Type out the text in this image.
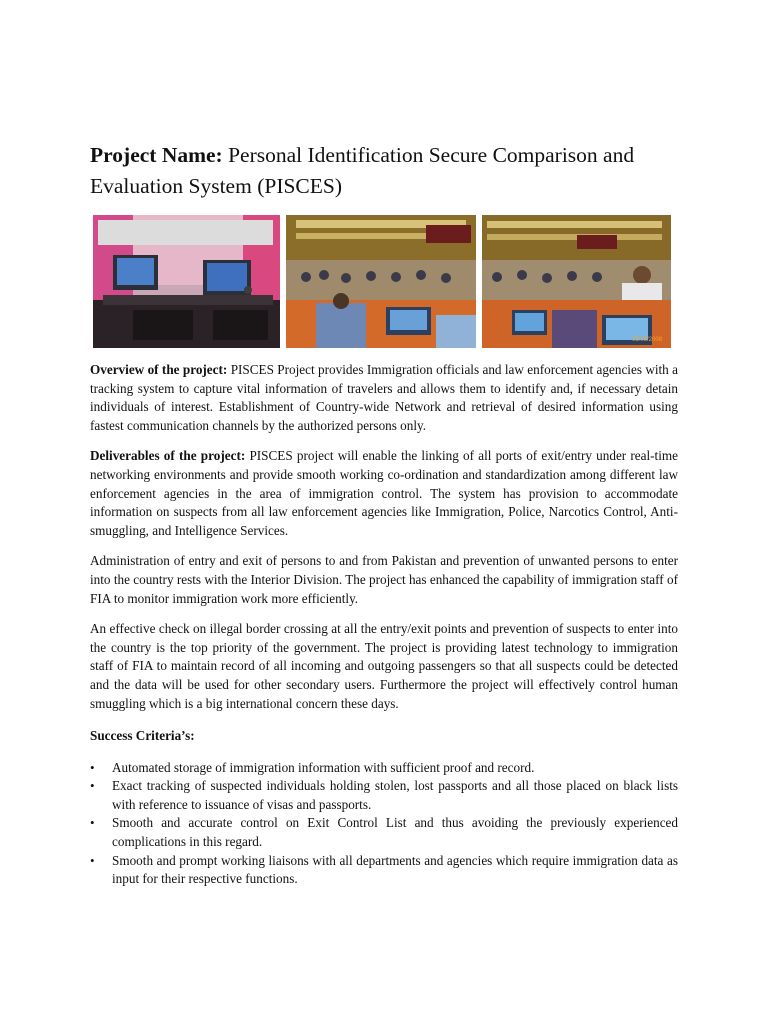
Project Name: Personal Identification Secure Comparison and Evaluation System (PISCES)
03/08/2008

Overview of the project: PISCES Project provides Immigration officials and law enforcement agencies with a tracking system to capture vital information of travelers and allows them to identify and, if necessary detain individuals of interest. Establishment of Country-wide Network and retrieval of desired information using fastest communication channels by the authorized persons only.

Deliverables of the project: PISCES project will enable the linking of all ports of exit/entry under real-time networking environments and provide smooth working co-ordination and standardization among different law enforcement agencies in the area of immigration control. The system has provision to accommodate information on suspects from all law enforcement agencies like Immigration, Police, Narcotics Control, Anti-smuggling, and Intelligence Services.

Administration of entry and exit of persons to and from Pakistan and prevention of unwanted persons to enter into the country rests with the Interior Division. The project has enhanced the capability of immigration staff of FIA to monitor immigration work more efficiently.

An effective check on illegal border crossing at all the entry/exit points and prevention of suspects to enter into the country is the top priority of the government. The project is providing latest technology to immigration staff of FIA to maintain record of all incoming and outgoing passengers so that all suspects could be detected and the data will be used for other secondary users. Furthermore the project will effectively control human smuggling which is a big international concern these days.

Success Criteria’s:

• Automated storage of immigration information with sufficient proof and record.
• Exact tracking of suspected individuals holding stolen, lost passports and all those placed on black lists with reference to issuance of visas and passports.
• Smooth and accurate control on Exit Control List and thus avoiding the previously experienced complications in this regard.
• Smooth and prompt working liaisons with all departments and agencies which require immigration data as input for their respective functions.
